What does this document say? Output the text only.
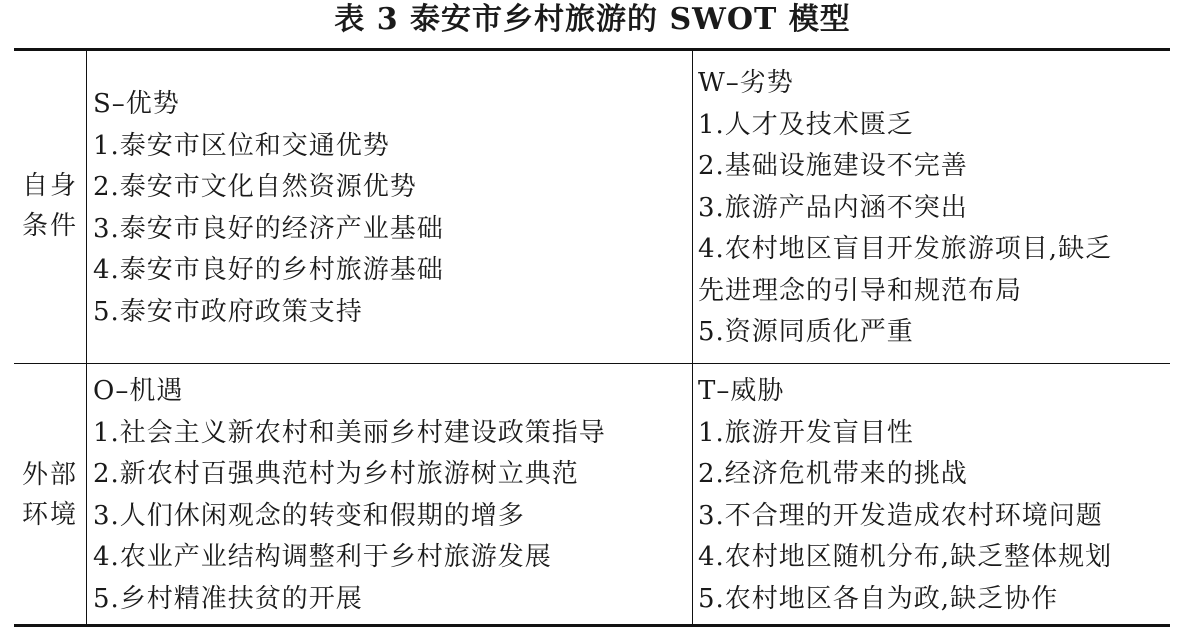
表 3 泰安市乡村旅游的 SWOT 模型
自身
条件
外部
环境
S–优势
1.泰安市区位和交通优势
2.泰安市文化自然资源优势
3.泰安市良好的经济产业基础
4.泰安市良好的乡村旅游基础
5.泰安市政府政策支持
W–劣势
1.人才及技术匮乏
2.基础设施建设不完善
3.旅游产品内涵不突出
4.农村地区盲目开发旅游项目,缺乏
先进理念的引导和规范布局
5.资源同质化严重
O–机遇
1.社会主义新农村和美丽乡村建设政策指导
2.新农村百强典范村为乡村旅游树立典范
3.人们休闲观念的转变和假期的增多
4.农业产业结构调整利于乡村旅游发展
5.乡村精准扶贫的开展
T–威胁
1.旅游开发盲目性
2.经济危机带来的挑战
3.不合理的开发造成农村环境问题
4.农村地区随机分布,缺乏整体规划
5.农村地区各自为政,缺乏协作
